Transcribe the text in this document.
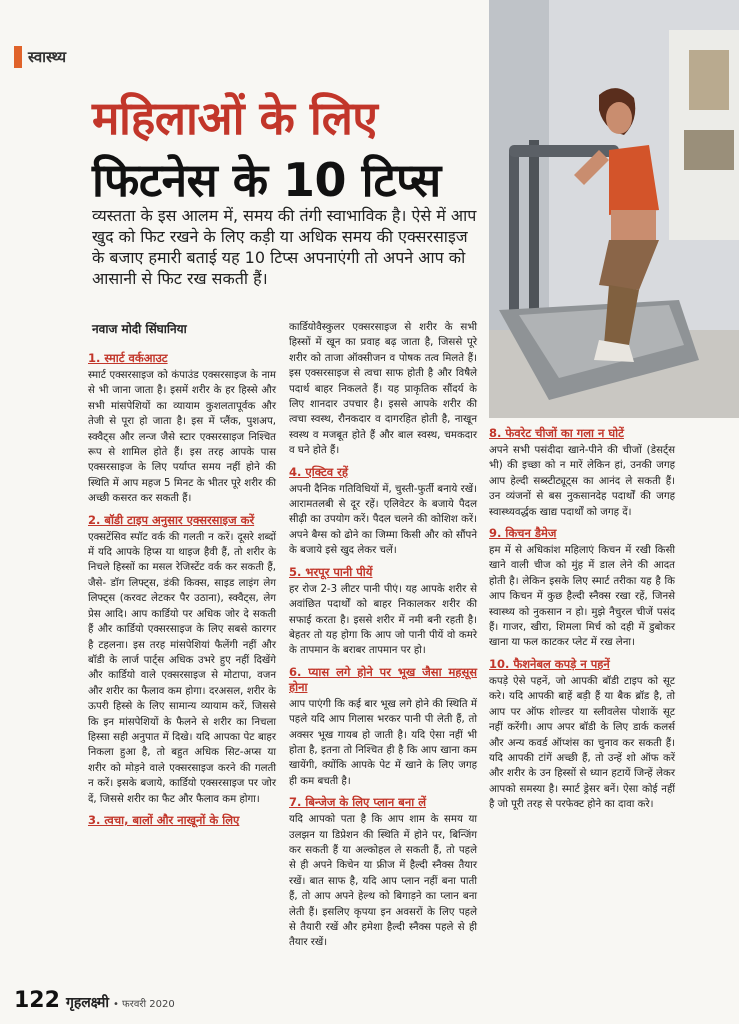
स्वास्थ्य
महिलाओं के लिए
फिटनेस के 10 टिप्स
व्यस्तता के इस आलम में, समय की तंगी स्वाभाविक है। ऐसे में आप खुद को फिट रखने के लिए कड़ी या अधिक समय की एक्सरसाइज के बजाए हमारी बताई यह 10 टिप्स अपनाएंगी तो अपने आप को आसानी से फिट रख सकती हैं।
नवाज मोदी सिंघानिया
1. स्मार्ट वर्कआउट

स्मार्ट एक्सरसाइज को कंपाउंड एक्सरसाइज के नाम से भी जाना जाता है। इसमें शरीर के हर हिस्से और सभी मांसपेशियों का व्यायाम कुशलतापूर्वक और तेजी से पूरा हो जाता है। इस में प्लैंक, पुशअप, स्क्वैट्स और लन्ज जैसे स्टार एक्सरसाइज निश्चित रूप से शामिल होते हैं। इस तरह आपके पास एक्सरसाइज के लिए पर्याप्त समय नहीं होने की स्थिति में आप महज 5 मिनट के भीतर पूरे शरीर की अच्छी कसरत कर सकती हैं।

2. बॉडी टाइप अनुसार एक्सरसाइज करें

एक्सटेंसिव स्पॉट वर्क की गलती न करें। दूसरे शब्दों में यदि आपके हिप्स या थाइज हैवी हैं, तो शरीर के निचले हिस्सों का मसल रेजिस्टेंट वर्क कर सकती हैं, जैसे- डॉग लिफ्ट्स, डंकी किक्स, साइड लाइंग लेग लिफ्ट्स (करवट लेटकर पैर उठाना), स्क्वैट्स, लेग प्रेस आदि। आप कार्डियो पर अधिक जोर दे सकती हैं और कार्डियो एक्सरसाइज के लिए सबसे कारगर है टहलना। इस तरह मांसपेशियां फैलेंगी नहीं और बॉडी के लार्ज पार्ट्स अधिक उभरे हुए नहीं दिखेंगे और कार्डियो वाले एक्सरसाइज से मोटापा, वजन और शरीर का फैलाव कम होगा। दरअसल, शरीर के ऊपरी हिस्से के लिए सामान्य व्यायाम करें, जिससे कि इन मांसपेशियों के फैलने से शरीर का निचला हिस्सा सही अनुपात में दिखे। यदि आपका पेट बाहर निकला हुआ है, तो बहुत अधिक सिट-अप्स या शरीर को मोड़ने वाले एक्सरसाइज करने की गलती न करें। इसके बजाये, कार्डियो एक्सरसाइज पर जोर दें, जिससे शरीर का फैट और फैलाव कम होगा।

3. त्वचा, बालों और नाखूनों के लिए

कार्डियोवैस्कुलर एक्सरसाइज से शरीर के सभी हिस्सों में खून का प्रवाह बढ़ जाता है, जिससे पूरे शरीर को ताजा ऑक्सीजन व पोषक तत्व मिलते हैं। इस एक्सरसाइज से त्वचा साफ होती है और विषैले पदार्थ बाहर निकलते हैं। यह प्राकृतिक सौंदर्य के लिए शानदार उपचार है। इससे आपके शरीर की त्वचा स्वस्थ, रौनकदार व दागरहित होती है, नाखून स्वस्थ व मजबूत होते हैं और बाल स्वस्थ, चमकदार व घने होते हैं।

4. एक्टिव रहें

अपनी दैनिक गतिविधियों में, चुस्ती-फुर्ती बनाये रखें। आरामतलबी से दूर रहें। एलिवेटर के बजाये पैदल सीढ़ी का उपयोग करें। पैदल चलने की कोशिश करें। अपने बैग्स को ढोने का जिम्मा किसी और को सौंपने के बजाये इसे खुद लेकर चलें।

5. भरपूर पानी पीयें

हर रोज 2-3 लीटर पानी पीएं। यह आपके शरीर से अवांछित पदार्थों को बाहर निकालकर शरीर की सफाई करता है। इससे शरीर में नमी बनी रहती है। बेहतर तो यह होगा कि आप जो पानी पीयें वो कमरे के तापमान के बराबर तापमान पर हो।

6. प्यास लगे होने पर भूख जैसा महसूस होना

आप पाएंगी कि कई बार भूख लगे होने की स्थिति में पहले यदि आप गिलास भरकर पानी पी लेती हैं, तो अक्सर भूख गायब हो जाती है। यदि ऐसा नहीं भी होता है, इतना तो निश्चित ही है कि आप खाना कम खायेंगी, क्योंकि आपके पेट में खाने के लिए जगह ही कम बचती है।

7. बिन्जेज के लिए प्लान बना लें

यदि आपको पता है कि आप शाम के समय या उलझन या डिप्रेशन की स्थिति में होने पर, बिन्जिंग कर सकती हैं या अल्कोहल ले सकती हैं, तो पहले से ही अपने किचेन या फ्रीज में हैल्दी स्नैक्स तैयार रखें। बात साफ है, यदि आप प्लान नहीं बना पाती हैं, तो आप अपने हेल्थ को बिगाड़ने का प्लान बना लेती हैं। इसलिए कृपया इन अवसरों के लिए पहले से तैयारी रखें और हमेशा हैल्दी स्नैक्स पहले से ही तैयार रखें।

8. फेवरेट चीजों का गला न घोटें

अपने सभी पसंदीदा खाने-पीने की चीजों (डेसर्ट्स भी) की इच्छा को न मारें लेकिन हां, उनकी जगह आप हेल्दी सब्स्टीट्यूट्स का आनंद ले सकती हैं। उन व्यंजनों से बस नुकसानदेह पदार्थों की जगह स्वास्थ्यवर्द्धक खाद्य पदार्थों को जगह दें।

9. किचन डैमेज

हम में से अधिकांश महिलाएं किचन में रखी किसी खाने वाली चीज को मुंह में डाल लेने की आदत होती है। लेकिन इसके लिए स्मार्ट तरीका यह है कि आप किचन में कुछ हैल्दी स्नैक्स रखा रहें, जिनसे स्वास्थ्य को नुकसान न हो। मुझे नैचुरल चीजें पसंद हैं। गाजर, खीरा, शिमला मिर्च को दही में डुबोकर खाना या फल काटकर प्लेट में रख लेना।

10. फैशनेबल कपड़े न पहनें

कपड़े ऐसे पहनें, जो आपकी बॉडी टाइप को सूट करे। यदि आपकी बाहें बड़ी हैं या बैक ब्रॉड है, तो आप पर ऑफ शोल्डर या स्लीवलेस पोशाकें सूट नहीं करेंगी। आप अपर बॉडी के लिए डार्क कलर्स और अन्य कवर्ड ऑप्शंस का चुनाव कर सकती हैं। यदि आपकी टांगें अच्छी हैं, तो उन्हें शो ऑफ करें और शरीर के उन हिस्सों से ध्यान हटायें जिन्हें लेकर आपको समस्या है। स्मार्ट ड्रेसर बनें। ऐसा कोई नहीं है जो पूरी तरह से परफेक्ट होने का दावा करे।

122 गृहलक्ष्मी • फरवरी 2020
